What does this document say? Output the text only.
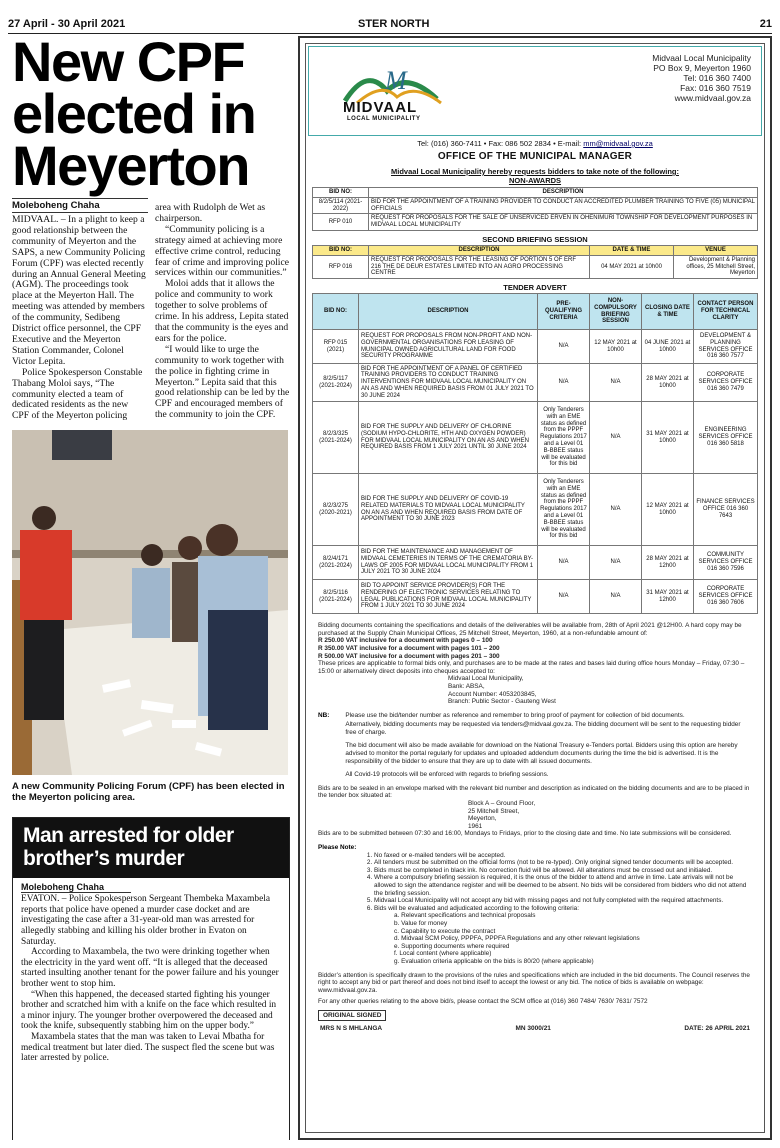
27 April - 30 April 2021	STER NORTH	21
New CPF
elected in
Meyerton
Moleboheng Chaha

MIDVAAL. – In a plight to keep a good relationship between the community of Meyerton and the SAPS, a new Community Policing Forum (CPF) was elected recently during an Annual General Meeting (AGM). The proceedings took place at the Meyerton Hall. The meeting was attended by members of the community, Sedibeng District office personnel, the CPF Executive and the Meyerton Station Commander, Colonel Victor Lepita.

Police Spokesperson Constable Thabang Moloi says, “The community elected a team of dedicated residents as the new CPF of the Meyerton policing

area with Rudolph de Wet as chairperson.

“Community policing is a strategy aimed at achieving more effective crime control, reducing fear of crime and improving police services within our communities.”

Moloi adds that it allows the police and community to work together to solve problems of crime. In his address, Lepita stated that the community is the eyes and ears for the police.

“I would like to urge the community to work together with the police in fighting crime in Meyerton.” Lepita said that this good relationship can be led by the CPF and encouraged members of the community to join the CPF.

A new Community Policing Forum (CPF) has been elected in the Meyerton policing area.
Man arrested for older
brother’s murder
Moleboheng Chaha

EVATON. – Police Spokesperson Sergeant Thembeka Maxambela reports that police have opened a murder case docket and are investigating the case after a 31-year-old man was arrested for allegedly stabbing and killing his older brother in Evaton on Saturday.

According to Maxambela, the two were drinking together when the electricity in the yard went off. “It is alleged that the deceased started insulting another tenant for the power failure and his younger brother went to stop him.

“When this happened, the deceased started fighting his younger brother and scratched him with a knife on the face which resulted in a minor injury. The younger brother overpowered the deceased and took the knife, subsequently stabbing him on the upper body.”

Maxambela states that the man was taken to Levai Mbatha for medical treatment but later died. The suspect fled the scene but was later arrested by police.

M
MIDVAAL
LOCAL MUNICIPALITY
Midvaal Local Municipality
PO Box 9, Meyerton 1960
Tel: 016 360 7400
Fax: 016 360 7519
www.midvaal.gov.za
Tel: (016) 360-7411 • Fax: 086 502 2834 • E-mail: mm@midvaal.gov.za
OFFICE OF THE MUNICIPAL MANAGER
Midvaal Local Municipality hereby requests bidders to take note of the following:
NON-AWARDS
BID NO:	DESCRIPTION
8/2/5/114 (2021-2022)	BID FOR THE APPOINTMENT OF A TRAINING PROVIDER TO CONDUCT AN ACCREDITED PLUMBER TRAINING TO FIVE (05) MUNICIPAL OFFICIALS
RFP 010	REQUEST FOR PROPOSALS FOR THE SALE OF UNSERVICED ERVEN IN OHENIMURI TOWNSHIP FOR DEVELOPMENT PURPOSES IN MIDVAAL LOCAL MUNICIPALITY
SECOND BRIEFING SESSION
BID NO:	DESCRIPTION	DATE & TIME	VENUE
RFP 016	REQUEST FOR PROPOSALS FOR THE LEASING OF PORTION 5 OF ERF 216 THE DE DEUR ESTATES LIMITED INTO AN AGRO PROCESSING CENTRE	04 MAY 2021 at 10h00	Development & Planning offices, 25 Mitchell Street, Meyerton
TENDER ADVERT
BID NO:	DESCRIPTION	PRE-QUALIFYING CRITERIA	NON-COMPULSORY BRIEFING SESSION	CLOSING DATE & TIME	CONTACT PERSON FOR TECHNICAL CLARITY
RFP 015 (2021)	REQUEST FOR PROPOSALS FROM NON-PROFIT AND NON-GOVERNMENTAL ORGANISATIONS FOR LEASING OF MUNICIPAL OWNED AGRICULTURAL LAND FOR FOOD SECURITY PROGRAMME	N/A	12 MAY 2021 at 10h00	04 JUNE 2021 at 10h00	DEVELOPMENT & PLANNING SERVICES OFFICE 016 360 7577
8/2/5/117 (2021-2024)	BID FOR THE APPOINTMENT OF A PANEL OF CERTIFIED TRAINING PROVIDERS TO CONDUCT TRAINING INTERVENTIONS FOR MIDVAAL LOCAL MUNICIPALITY ON AN AS AND WHEN REQUIRED BASIS FROM 01 JULY 2021 TO 30 JUNE 2024	N/A	N/A	28 MAY 2021 at 10h00	CORPORATE SERVICES OFFICE 016 360 7479
8/2/3/325 (2021-2024)	BID FOR THE SUPPLY AND DELIVERY OF CHLORINE (SODIUM HYPO-CHLORITE, HTH AND OXYGEN POWDER) FOR MIDVAAL LOCAL MUNICIPALITY ON AN AS AND WHEN REQUIRED BASIS FROM 1 JULY 2021 UNTIL 30 JUNE 2024	Only Tenderers with an EME status as defined from the PPPF Regulations 2017 and a Level 01 B-BBEE status will be evaluated for this bid	N/A	31 MAY 2021 at 10h00	ENGINEERING SERVICES OFFICE 016 360 5818
8/2/3/275 (2020-2021)	BID FOR THE SUPPLY AND DELIVERY OF COVID-19 RELATED MATERIALS TO MIDVAAL LOCAL MUNICIPALITY ON AN AS AND WHEN REQUIRED BASIS FROM DATE OF APPOINTMENT TO 30 JUNE 2023	Only Tenderers with an EME status as defined from the PPPF Regulations 2017 and a Level 01 B-BBEE status will be evaluated for this bid	N/A	12 MAY 2021 at 10h00	FINANCE SERVICES OFFICE 016 360 7643
8/2/4/171 (2021-2024)	BID FOR THE MAINTENANCE AND MANAGEMENT OF MIDVAAL CEMETERIES IN TERMS OF THE CREMATORIA BY-LAWS OF 2005 FOR MIDVAAL LOCAL MUNICIPALITY FROM 1 JULY 2021 TO 30 JUNE 2024	N/A	N/A	28 MAY 2021 at 12h00	COMMUNITY SERVICES OFFICE 016 360 7596
8/2/5/116 (2021-2024)	BID TO APPOINT SERVICE PROVIDER(S) FOR THE RENDERING OF ELECTRONIC SERVICES RELATING TO LEGAL PUBLICATIONS FOR MIDVAAL LOCAL MUNICIPALITY FROM 1 JULY 2021 TO 30 JUNE 2024	N/A	N/A	31 MAY 2021 at 12h00	CORPORATE SERVICES OFFICE 016 360 7606

Bidding documents containing the specifications and details of the deliverables will be available from, 28th of April 2021 @12H00. A hard copy may be purchased at the Supply Chain Municipal Offices, 25 Mitchell Street, Meyerton, 1960, at a non-refundable amount of:

R 250.00 VAT inclusive for a document with pages 0 – 100
R 350.00 VAT inclusive for a document with pages 101 – 200
R 500.00 VAT inclusive for a document with pages 201 – 300

These prices are applicable to formal bids only, and purchases are to be made at the rates and bases laid during office hours Monday – Friday, 07:30 – 15:00 or alternatively direct deposits into cheques accepted to:

Midvaal Local Municipality,
Bank: ABSA,
Account Number: 4053203845,
Branch: Public Sector - Gauteng West
NB:	Please use the bid/tender number as reference and remember to bring proof of payment for collection of bid documents.

Alternatively, bidding documents may be requested via tenders@midvaal.gov.za. The bidding document will be sent to the requesting bidder free of charge.

The bid document will also be made available for download on the National Treasury e-Tenders portal. Bidders using this option are hereby advised to monitor the portal regularly for updates and uploaded addendum documents during the time the bid is advertised. It is the responsibility of the bidder to ensure that they are up to date with all issued documents.

All Covid-19 protocols will be enforced with regards to briefing sessions.

Bids are to be sealed in an envelope marked with the relevant bid number and description as indicated on the bidding documents and are to be placed in the tender box situated at:

Block A – Ground Floor,
25 Mitchell Street,
Meyerton,
1961

Bids are to be submitted between 07:30 and 16:00, Mondays to Fridays, prior to the closing date and time. No late submissions will be considered.

Please Note:
1. No faxed or e-mailed tenders will be accepted.
2. All tenders must be submitted on the official forms (not to be re-typed). Only original signed tender documents will be accepted.
3. Bids must be completed in black ink. No correction fluid will be allowed. All alterations must be crossed out and initialed.
4. Where a compulsory briefing session is required, it is the onus of the bidder to attend and arrive in time. Late arrivals will not be allowed to sign the attendance register and will be deemed to be absent. No bids will be considered from bidders who did not attend the briefing session.
5. Midvaal Local Municipality will not accept any bid with missing pages and not fully completed with the required attachments.
6. Bids will be evaluated and adjudicated according to the following criteria:
a. Relevant specifications and technical proposals
b. Value for money
c. Capability to execute the contract
d. Midvaal SCM Policy, PPPFA, PPPFA Regulations and any other relevant legislations
e. Supporting documents where required
f. Local content (where applicable)
g. Evaluation criteria applicable on the bids is 80/20 (where applicable)

Bidder’s attention is specifically drawn to the provisions of the rules and specifications which are included in the bid documents. The Council reserves the right to accept any bid or part thereof and does not bind itself to accept the lowest or any bid. The notice of bids is available on webpage: www.midvaal.gov.za.

For any other queries relating to the above bid/s, please contact the SCM office at (016) 360 7484/ 7630/ 7631/ 7572

ORIGINAL SIGNED
MRS N S MHLANGA	MN 3000/21	DATE: 26 APRIL 2021
